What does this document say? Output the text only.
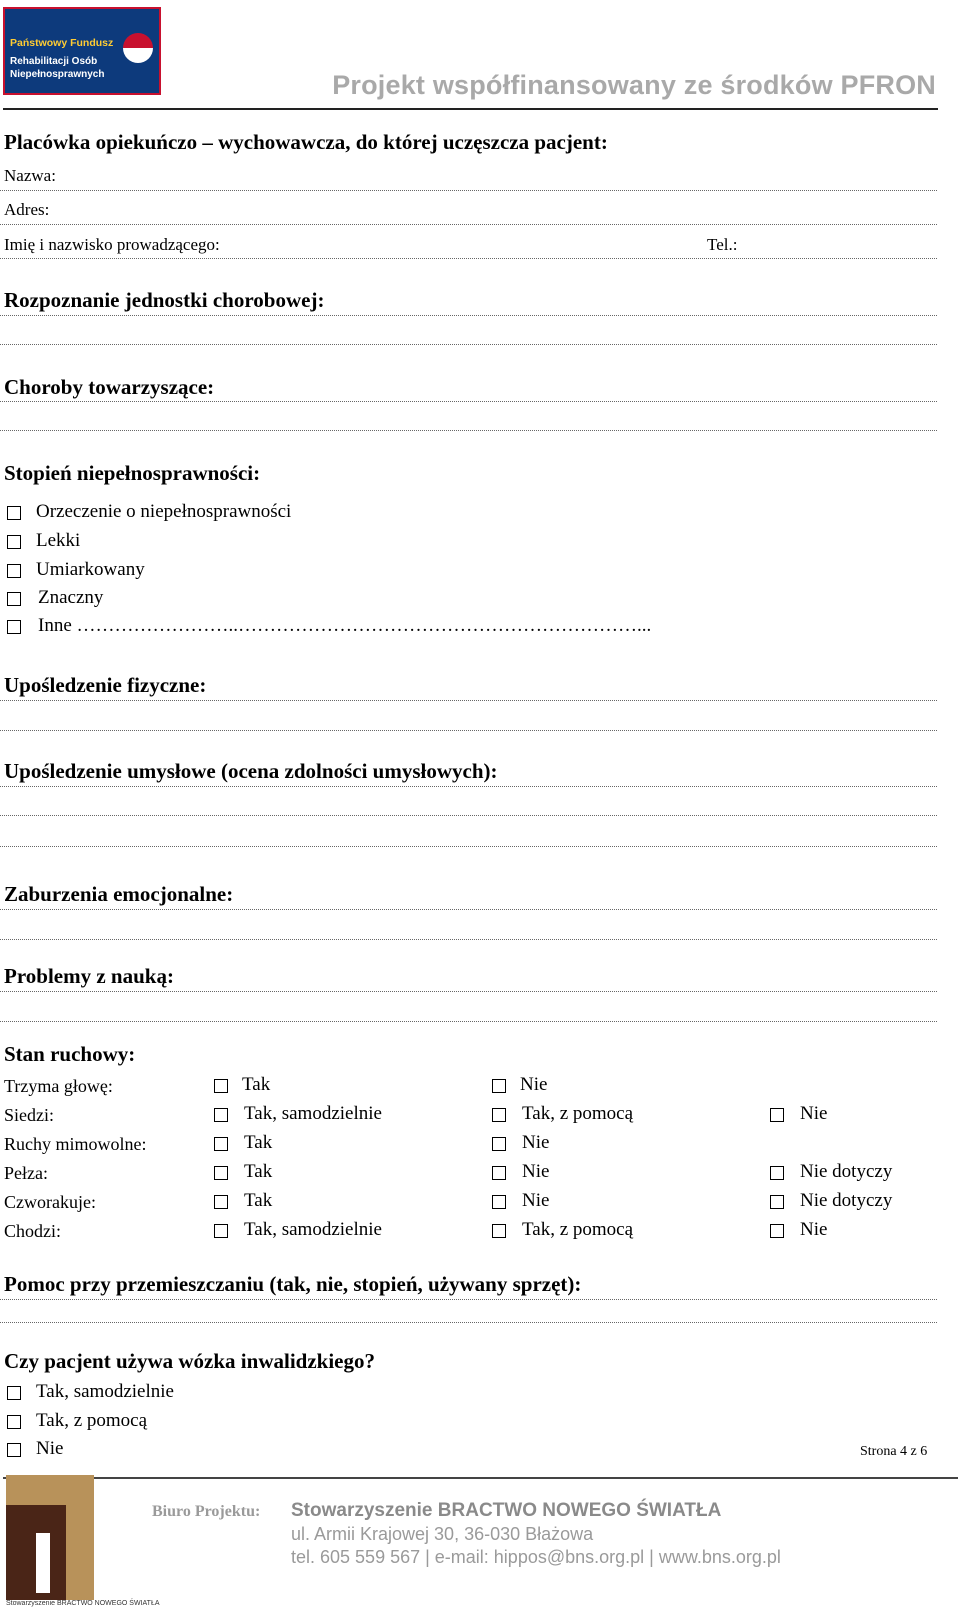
Państwowy Fundusz
Rehabilitacji Osób
Niepełnosprawnych	Projekt współfinansowany ze środków PFRON
Placówka opiekuńczo – wychowawcza, do której uczęszcza pacjent:
Nazwa:
Adres:
Imię i nazwisko prowadzącego:	Tel.:
Rozpoznanie jednostki chorobowej:
Choroby towarzyszące:
Stopień niepełnosprawności:
Orzeczenie o niepełnosprawności
Lekki
Umiarkowany
Znaczny
Inne ……………………..………………………………………………………...
Upośledzenie fizyczne:
Upośledzenie umysłowe (ocena zdolności umysłowych):
Zaburzenia emocjonalne:
Problemy z nauką:
Stan ruchowy:
Trzyma głowę:	Tak	Nie
Siedzi:	Tak, samodzielnie	Tak, z pomocą	Nie
Ruchy mimowolne:	Tak	Nie
Pełza:	Tak	Nie	Nie dotyczy
Czworakuje:	Tak	Nie	Nie dotyczy
Chodzi:	Tak, samodzielnie	Tak, z pomocą	Nie
Pomoc przy przemieszczaniu (tak, nie, stopień, używany sprzęt):
Czy pacjent używa wózka inwalidzkiego?
Tak, samodzielnie
Tak, z pomocą
Nie	Strona 4 z 6
Stowarzyszenie BRACTWO NOWEGO ŚWIATŁA
Biuro Projektu: Stowarzyszenie BRACTWO NOWEGO ŚWIATŁA
ul. Armii Krajowej 30, 36-030 Błażowa
tel. 605 559 567 | e-mail: hippos@bns.org.pl | www.bns.org.pl
